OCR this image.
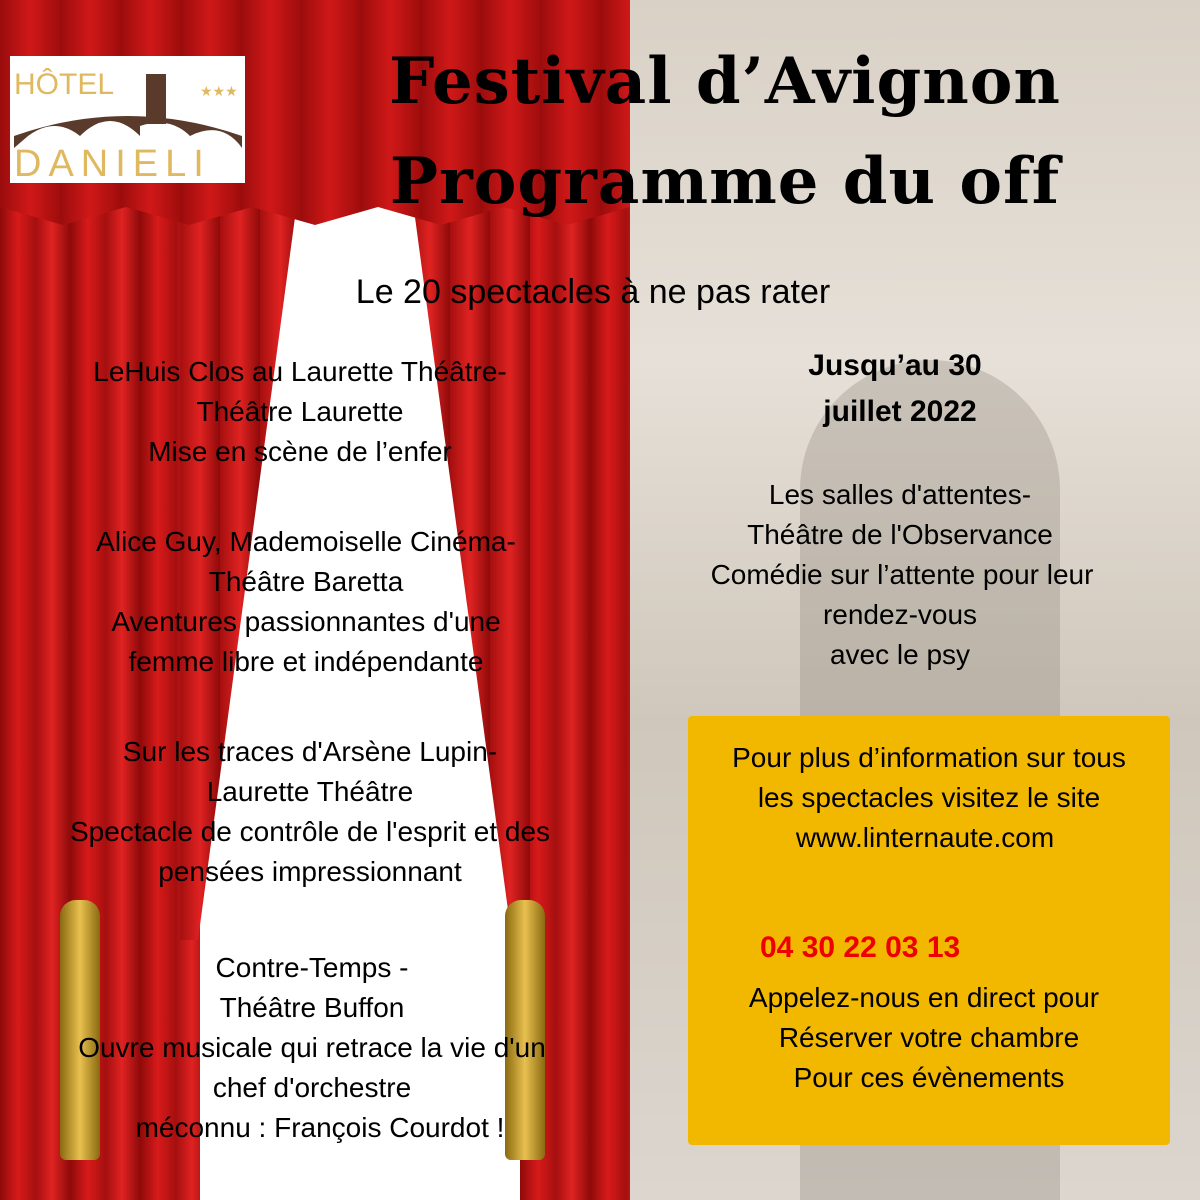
HÔTEL	★★★
DANIELI
Festival d’Avignon
Programme du off
Le 20 spectacles à ne pas rater
LeHuis Clos au Laurette Théâtre-
Théâtre Laurette
Mise en scène de l’enfer
Alice Guy, Mademoiselle Cinéma-
Théâtre Baretta
Aventures passionnantes d'une
femme libre et indépendante
Sur les traces d'Arsène Lupin-
Laurette Théâtre
Spectacle de contrôle de l'esprit et des
pensées impressionnant
Contre-Temps -
Théâtre Buffon
Ouvre musicale qui retrace la vie d'un
chef d'orchestre
méconnu : François Courdot !
Jusqu’au 30
juillet 2022
Les salles d'attentes-
Théâtre de l'Observance
Comédie sur l’attente pour leur
rendez-vous
avec le psy
Pour plus d’information sur tous
les spectacles visitez le site
www.linternaute.com
04 30 22 03 13
Appelez-nous en direct pour
Réserver votre chambre
Pour ces évènements
